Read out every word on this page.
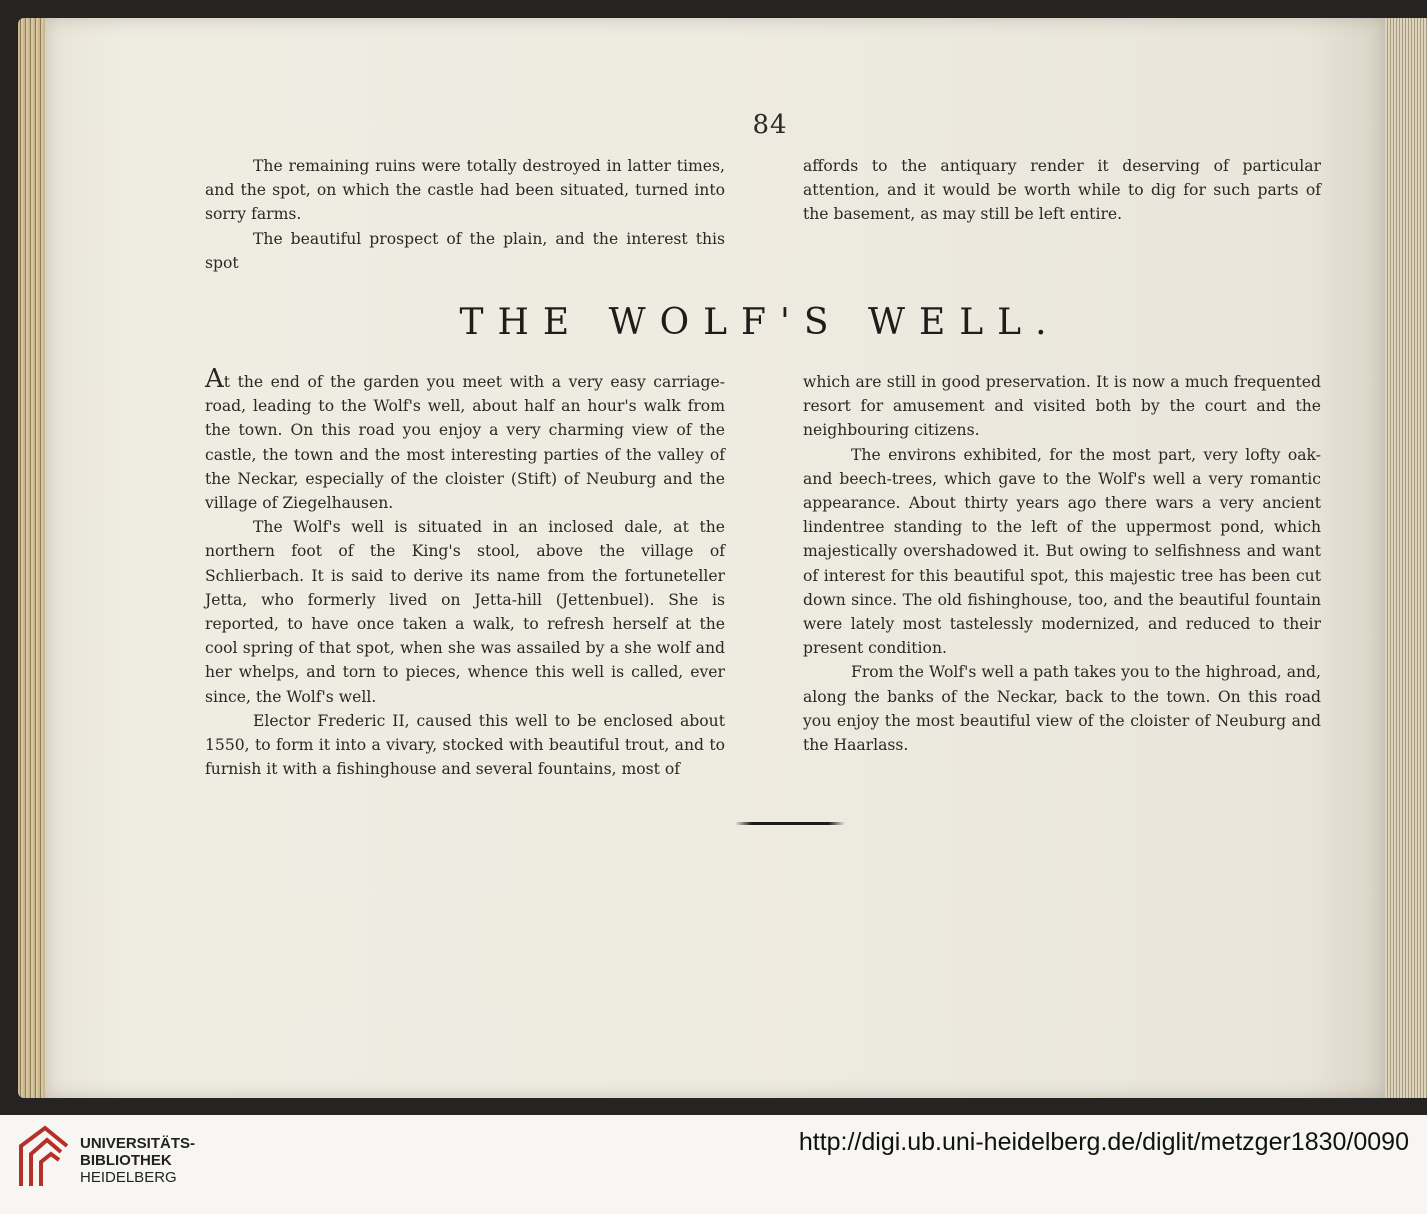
84

The remaining ruins were totally destroyed in latter times, and the spot, on which the castle had been situated, turned into sorry farms.

The beautiful prospect of the plain, and the interest this spot

affords to the antiquary render it deserving of particular attention, and it would be worth while to dig for such parts of the basement, as may still be left entire.

THE WOLF'S WELL.

At the end of the garden you meet with a very easy carriage-road, leading to the Wolf's well, about half an hour's walk from the town. On this road you enjoy a very charming view of the castle, the town and the most interesting parties of the valley of the Neckar, especially of the cloister (Stift) of Neuburg and the village of Ziegelhausen.

The Wolf's well is situated in an inclosed dale, at the northern foot of the King's stool, above the village of Schlierbach. It is said to derive its name from the fortuneteller Jetta, who formerly lived on Jetta-hill (Jettenbuel). She is reported, to have once taken a walk, to refresh herself at the cool spring of that spot, when she was assailed by a she wolf and her whelps, and torn to pieces, whence this well is called, ever since, the Wolf's well.

Elector Frederic II, caused this well to be enclosed about 1550, to form it into a vivary, stocked with beautiful trout, and to furnish it with a fishinghouse and several fountains, most of

which are still in good preservation. It is now a much frequented resort for amusement and visited both by the court and the neighbouring citizens.

The environs exhibited, for the most part, very lofty oak- and beech-trees, which gave to the Wolf's well a very romantic appearance. About thirty years ago there wars a very ancient lindentree standing to the left of the uppermost pond, which majestically overshadowed it. But owing to selfishness and want of interest for this beautiful spot, this majestic tree has been cut down since. The old fishinghouse, too, and the beautiful fountain were lately most tastelessly modernized, and reduced to their present condition.

From the Wolf's well a path takes you to the highroad, and, along the banks of the Neckar, back to the town. On this road you enjoy the most beautiful view of the cloister of Neuburg and the Haarlass.

UNIVERSITÄTS-
BIBLIOTHEK
HEIDELBERG
http://digi.ub.uni-heidelberg.de/diglit/metzger1830/0090
